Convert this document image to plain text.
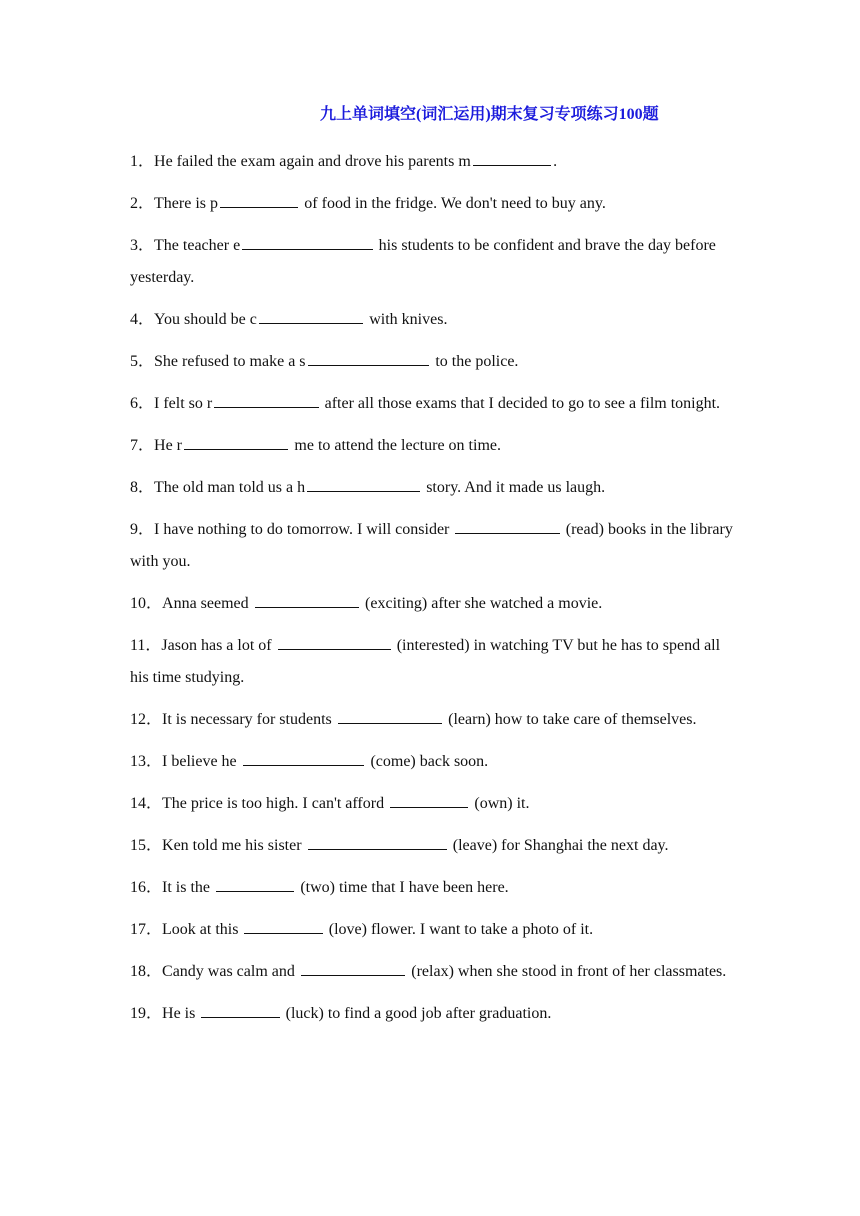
九上单词填空(词汇运用)期末复习专项练习100题
1．He failed the exam again and drove his parents m	.
2．There is p	of food in the fridge. We don't need to buy any.
3．The teacher e	his students to be confident and brave the day before yesterday.
4．You should be c	with knives.
5．She refused to make a s	to the police.
6．I felt so r	after all those exams that I decided to go to see a film tonight.
7．He r	me to attend the lecture on time.
8．The old man told us a h	story. And it made us laugh.
9．I have nothing to do tomorrow. I will consider	(read) books in the library with you.
10．Anna seemed	(exciting) after she watched a movie.
11．Jason has a lot of	(interested) in watching TV but he has to spend all his time studying.
12．It is necessary for students	(learn) how to take care of themselves.
13．I believe he	(come) back soon.
14．The price is too high. I can't afford	(own) it.
15．Ken told me his sister	(leave) for Shanghai the next day.
16．It is the	(two) time that I have been here.
17．Look at this	(love) flower. I want to take a photo of it.
18．Candy was calm and	(relax) when she stood in front of her classmates.
19．He is	(luck) to find a good job after graduation.
